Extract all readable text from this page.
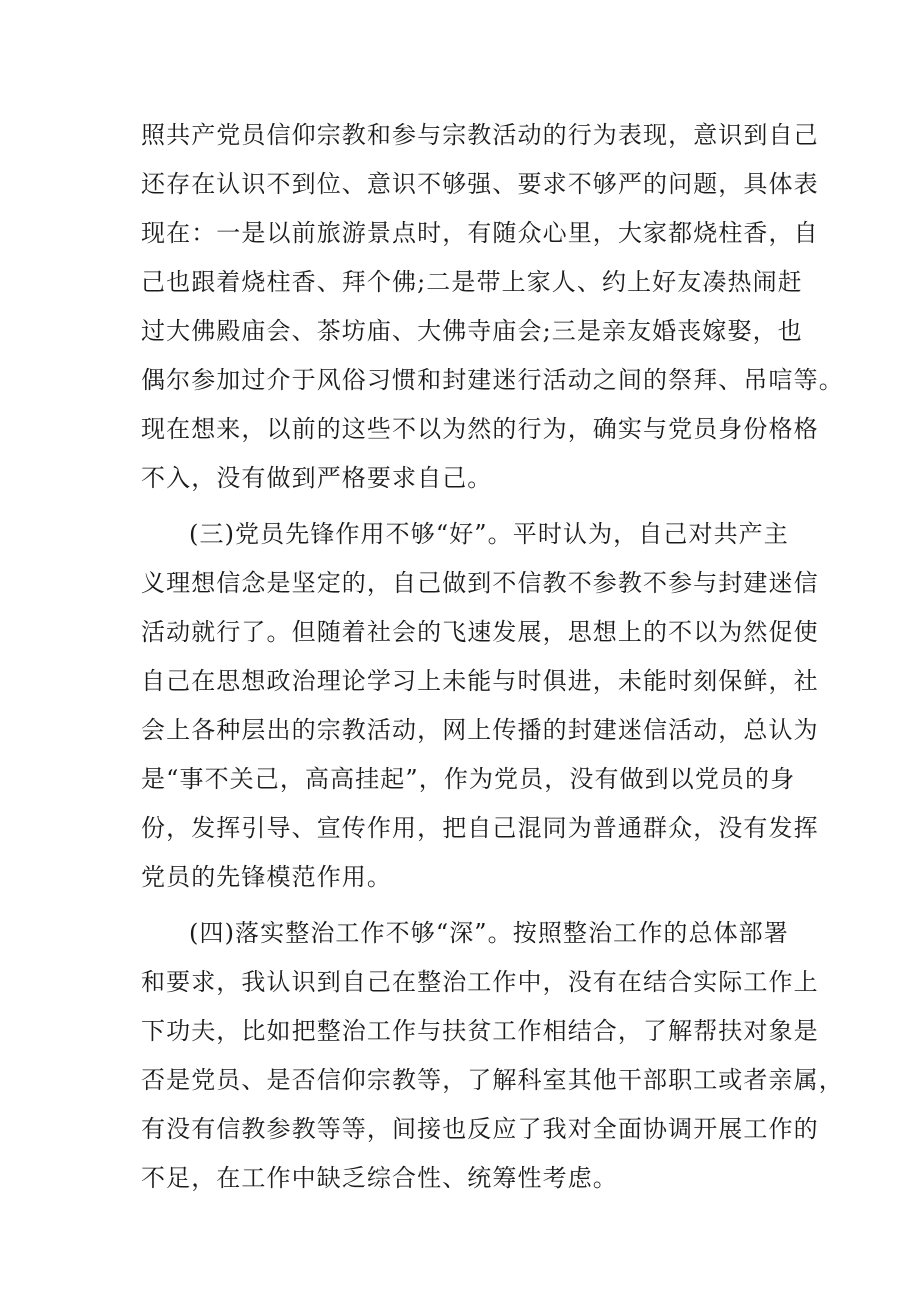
照共产党员信仰宗教和参与宗教活动的行为表现，意识到自己
还存在认识不到位、意识不够强、要求不够严的问题，具体表
现在：一是以前旅游景点时，有随众心里，大家都烧柱香，自
己也跟着烧柱香、拜个佛;二是带上家人、约上好友凑热闹赶
过大佛殿庙会、茶坊庙、大佛寺庙会;三是亲友婚丧嫁娶，也
偶尔参加过介于风俗习惯和封建迷行活动之间的祭拜、吊唁等。
现在想来，以前的这些不以为然的行为，确实与党员身份格格
不入，没有做到严格要求自己。
(三)党员先锋作用不够“好”。平时认为，自己对共产主
义理想信念是坚定的，自己做到不信教不参教不参与封建迷信
活动就行了。但随着社会的飞速发展，思想上的不以为然促使
自己在思想政治理论学习上未能与时俱进，未能时刻保鲜，社
会上各种层出的宗教活动，网上传播的封建迷信活动，总认为
是“事不关己，高高挂起”，作为党员，没有做到以党员的身
份，发挥引导、宣传作用，把自己混同为普通群众，没有发挥
党员的先锋模范作用。
(四)落实整治工作不够“深”。按照整治工作的总体部署
和要求，我认识到自己在整治工作中，没有在结合实际工作上
下功夫，比如把整治工作与扶贫工作相结合，了解帮扶对象是
否是党员、是否信仰宗教等，了解科室其他干部职工或者亲属，
有没有信教参教等等，间接也反应了我对全面协调开展工作的
不足，在工作中缺乏综合性、统筹性考虑。
